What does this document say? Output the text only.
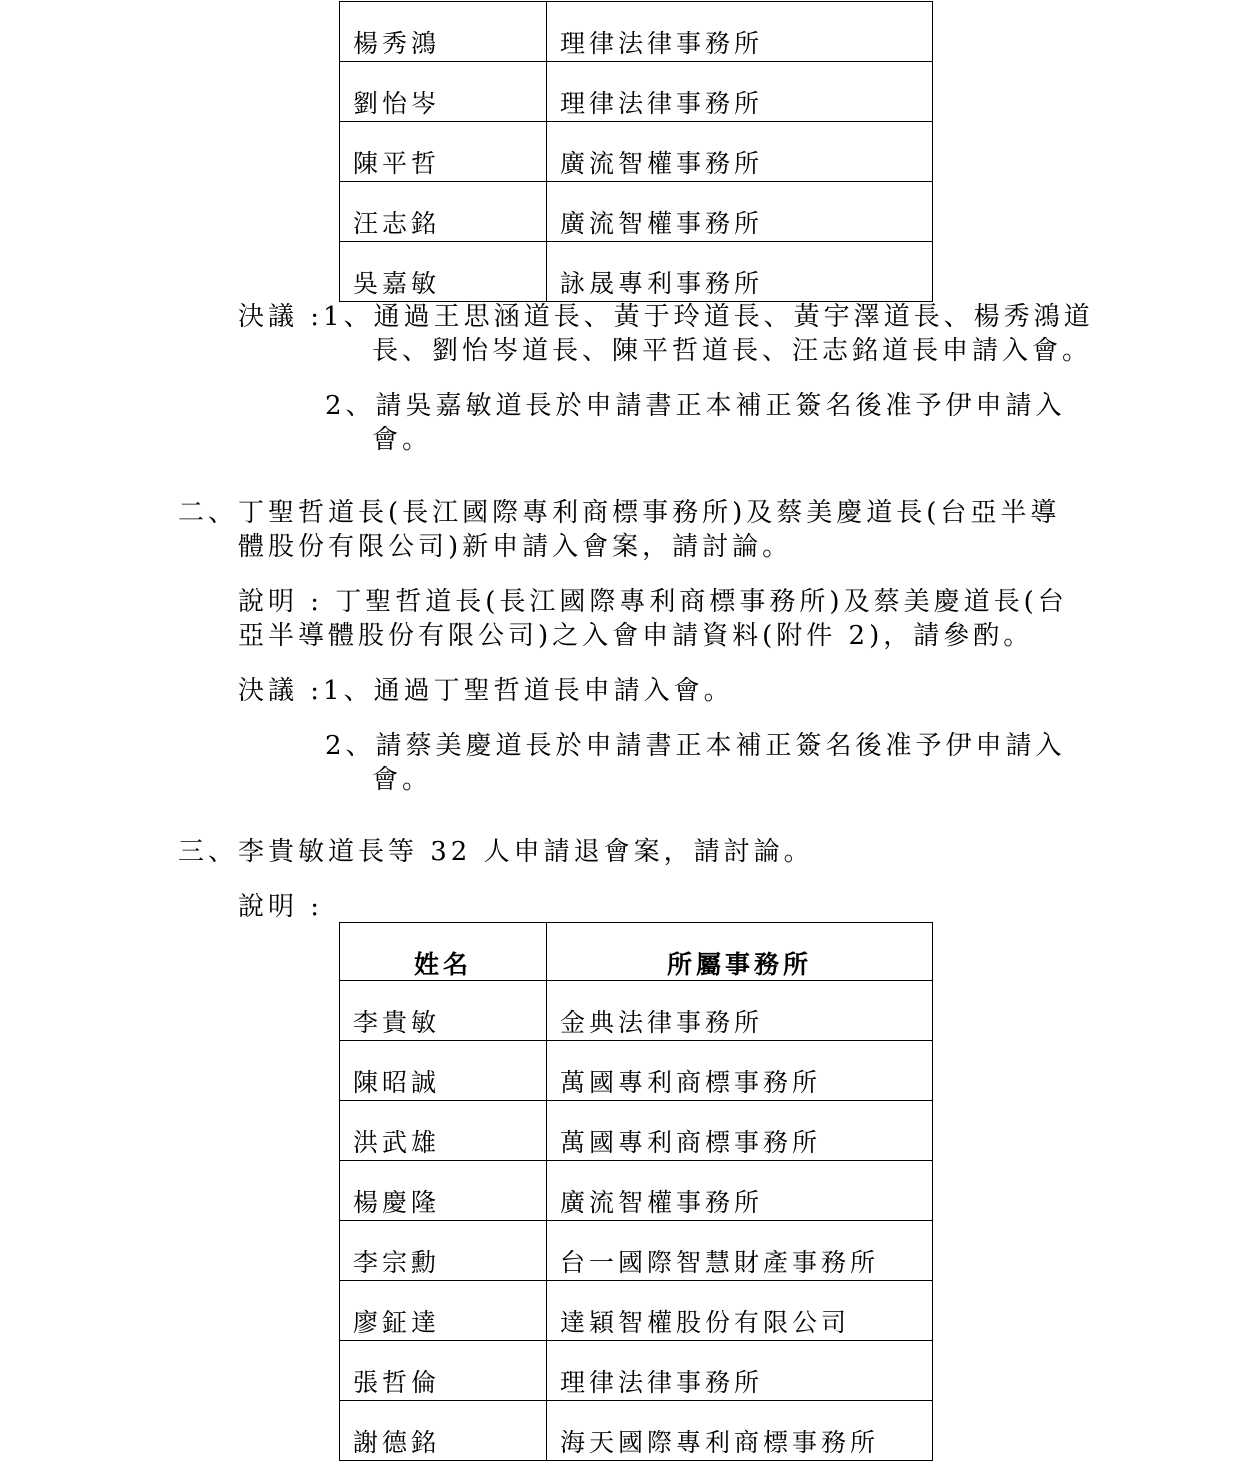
楊秀鴻	理律法律事務所
劉怡岑	理律法律事務所
陳平哲	廣流智權事務所
汪志銘	廣流智權事務所
吳嘉敏	詠晟專利事務所
決議 :1、通過王思涵道長、黃于玲道長、黃宇澤道長、楊秀鴻道
長、劉怡岑道長、陳平哲道長、汪志銘道長申請入會。
2、請吳嘉敏道長於申請書正本補正簽名後准予伊申請入
會。
二、丁聖哲道長(長江國際專利商標事務所)及蔡美慶道長(台亞半導
體股份有限公司)新申請入會案，請討論。
說明 : 丁聖哲道長(長江國際專利商標事務所)及蔡美慶道長(台
亞半導體股份有限公司)之入會申請資料(附件 2)，請參酌。
決議 :1、通過丁聖哲道長申請入會。
2、請蔡美慶道長於申請書正本補正簽名後准予伊申請入
會。
三、李貴敏道長等 32 人申請退會案，請討論。
說明 :
姓名	所屬事務所
李貴敏	金典法律事務所
陳昭誠	萬國專利商標事務所
洪武雄	萬國專利商標事務所
楊慶隆	廣流智權事務所
李宗勳	台一國際智慧財產事務所
廖鉦達	達穎智權股份有限公司
張哲倫	理律法律事務所
謝德銘	海天國際專利商標事務所
